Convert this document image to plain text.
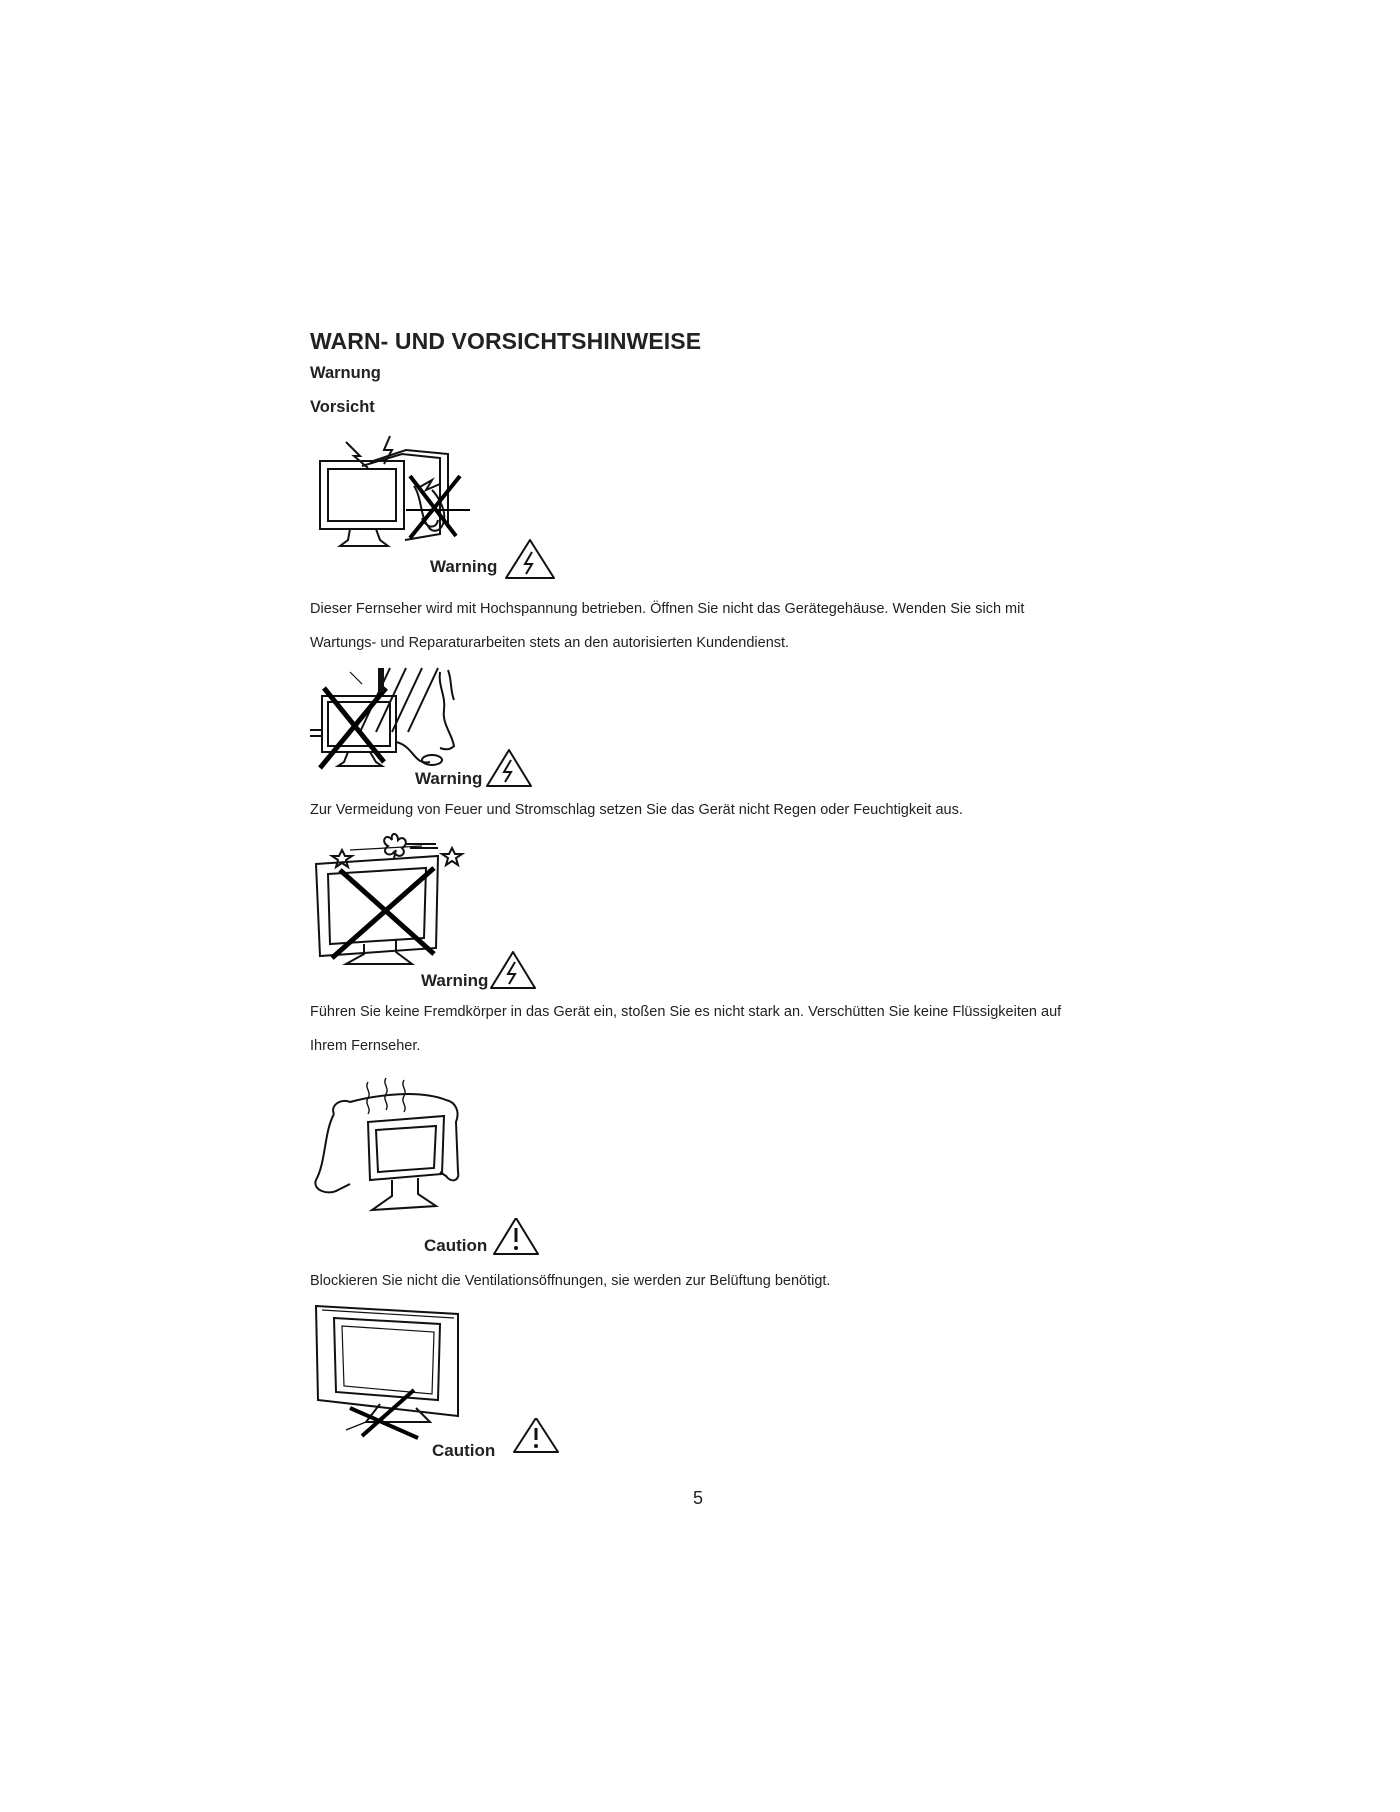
WARN- UND VORSICHTSHINWEISE
Warnung
Vorsicht
Warning
Dieser Fernseher wird mit Hochspannung betrieben. Öffnen Sie nicht das Gerätegehäuse. Wenden Sie sich mit
Wartungs- und Reparaturarbeiten stets an den autorisierten Kundendienst.
Warning
Zur Vermeidung von Feuer und Stromschlag setzen Sie das Gerät nicht Regen oder Feuchtigkeit aus.
Warning
Führen Sie keine Fremdkörper in das Gerät ein, stoßen Sie es nicht stark an. Verschütten Sie keine Flüssigkeiten auf
Ihrem Fernseher.
Caution
Blockieren Sie nicht die Ventilationsöffnungen, sie werden zur Belüftung benötigt.
Caution
5
